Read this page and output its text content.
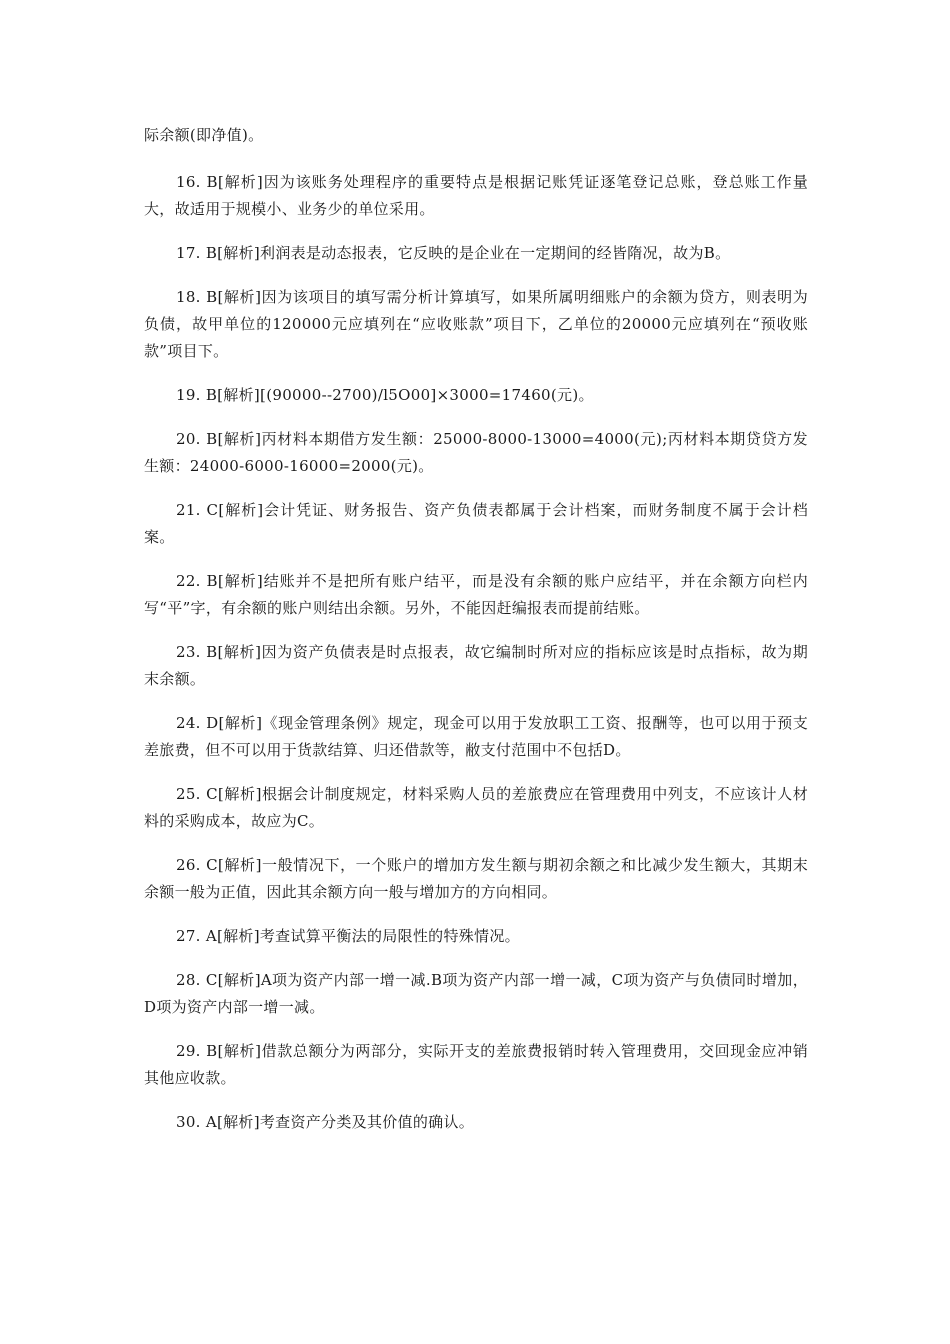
际余额(即净值)。

16. B[解析]因为该账务处理程序的重要特点是根据记账凭证逐笔登记总账，登总账工作量大，故适用于规模小、业务少的单位采用。

17. B[解析]利润表是动态报表，它反映的是企业在一定期间的经皆隋况，故为B。

18. B[解析]因为该项目的填写需分析计算填写，如果所属明细账户的余额为贷方，则表明为负债，故甲单位的120000元应填列在“应收账款”项目下，乙单位的20000元应填列在“预收账款”项目下。

19. B[解析][(90000--2700)/l5O00]×3000=17460(元)。

20. B[解析]丙材料本期借方发生额：25000-8000-13000=4000(元);丙材料本期贷贷方发生额：24000-6000-16000=2000(元)。

21. C[解析]会计凭证、财务报告、资产负债表都属于会计档案，而财务制度不属于会计档案。

22. B[解析]结账并不是把所有账户结平，而是没有余额的账户应结平，并在余额方向栏内写“平”字，有余额的账户则结出余额。另外，不能因赶编报表而提前结账。

23. B[解析]因为资产负债表是时点报表，故它编制时所对应的指标应该是时点指标，故为期末余额。

24. D[解析]《现金管理条例》规定，现金可以用于发放职工工资、报酬等，也可以用于预支差旅费，但不可以用于货款结算、归还借款等，敝支付范围中不包括D。

25. C[解析]根据会计制度规定，材料采购人员的差旅费应在管理费用中列支，不应该计人材料的采购成本，故应为C。

26. C[解析]一般情况下，一个账户的增加方发生额与期初余额之和比减少发生额大，其期末余额一般为正值，因此其余额方向一般与增加方的方向相同。

27. A[解析]考查试算平衡法的局限性的特殊情况。

28. C[解析]A项为资产内部一增一减.B项为资产内部一增一减，C项为资产与负债同时增加，D项为资产内部一增一减。

29. B[解析]借款总额分为两部分，实际开支的差旅费报销时转入管理费用，交回现金应冲销其他应收款。

30. A[解析]考查资产分类及其价值的确认。
